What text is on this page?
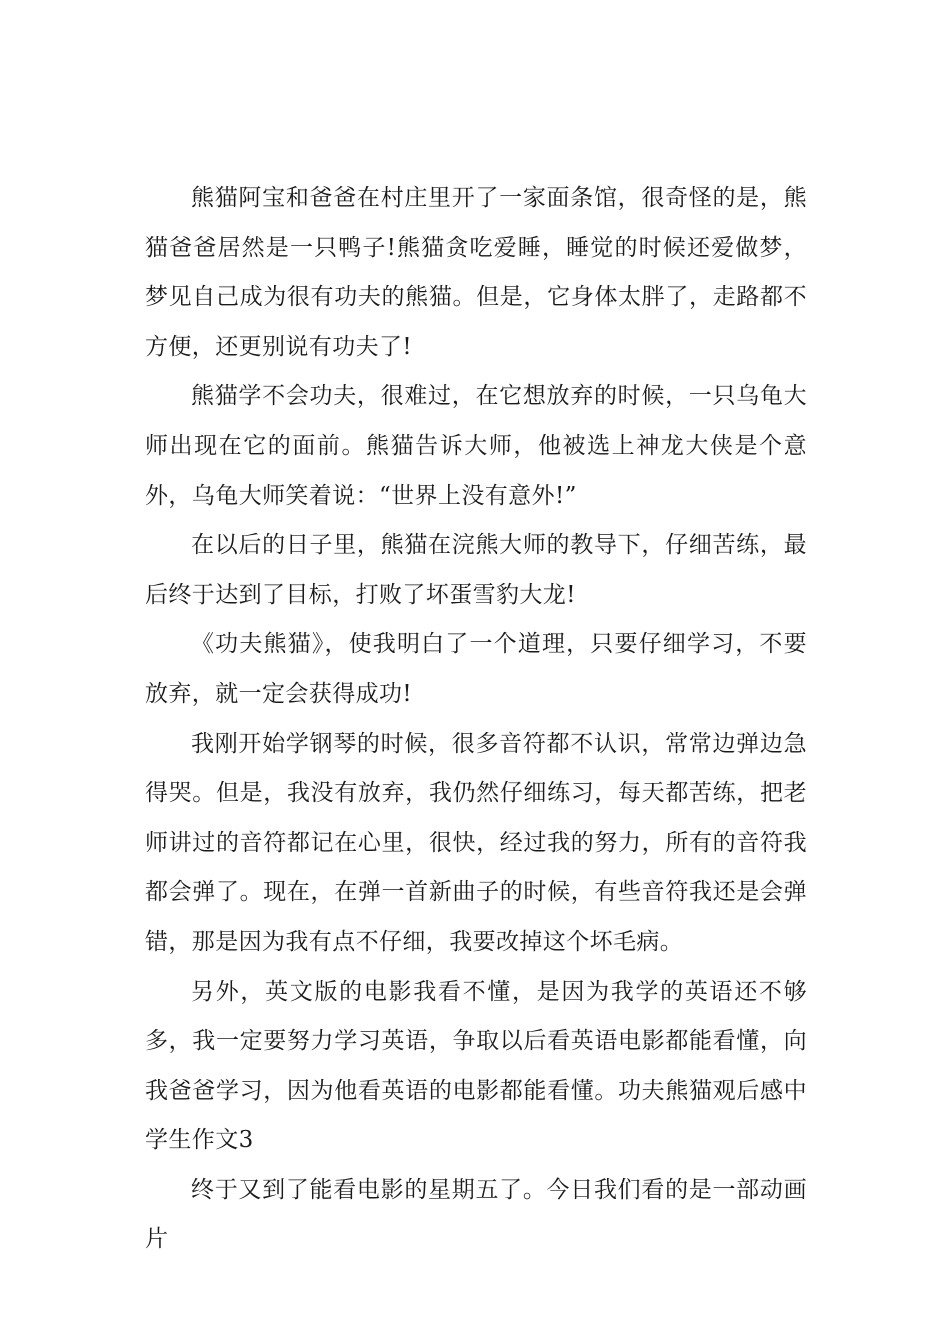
熊猫阿宝和爸爸在村庄里开了一家面条馆，很奇怪的是，熊猫爸爸居然是一只鸭子!熊猫贪吃爱睡，睡觉的时候还爱做梦，梦见自己成为很有功夫的熊猫。但是，它身体太胖了，走路都不方便，还更别说有功夫了!

熊猫学不会功夫，很难过，在它想放弃的时候，一只乌龟大师出现在它的面前。熊猫告诉大师，他被选上神龙大侠是个意外，乌龟大师笑着说：“世界上没有意外!”

在以后的日子里，熊猫在浣熊大师的教导下，仔细苦练，最后终于达到了目标，打败了坏蛋雪豹大龙!

《功夫熊猫》，使我明白了一个道理，只要仔细学习，不要放弃，就一定会获得成功!

我刚开始学钢琴的时候，很多音符都不认识，常常边弹边急得哭。但是，我没有放弃，我仍然仔细练习，每天都苦练，把老师讲过的音符都记在心里，很快，经过我的努力，所有的音符我都会弹了。现在，在弹一首新曲子的时候，有些音符我还是会弹错，那是因为我有点不仔细，我要改掉这个坏毛病。

另外，英文版的电影我看不懂，是因为我学的英语还不够多，我一定要努力学习英语，争取以后看英语电影都能看懂，向我爸爸学习，因为他看英语的电影都能看懂。功夫熊猫观后感中学生作文3

终于又到了能看电影的星期五了。今日我们看的是一部动画片
